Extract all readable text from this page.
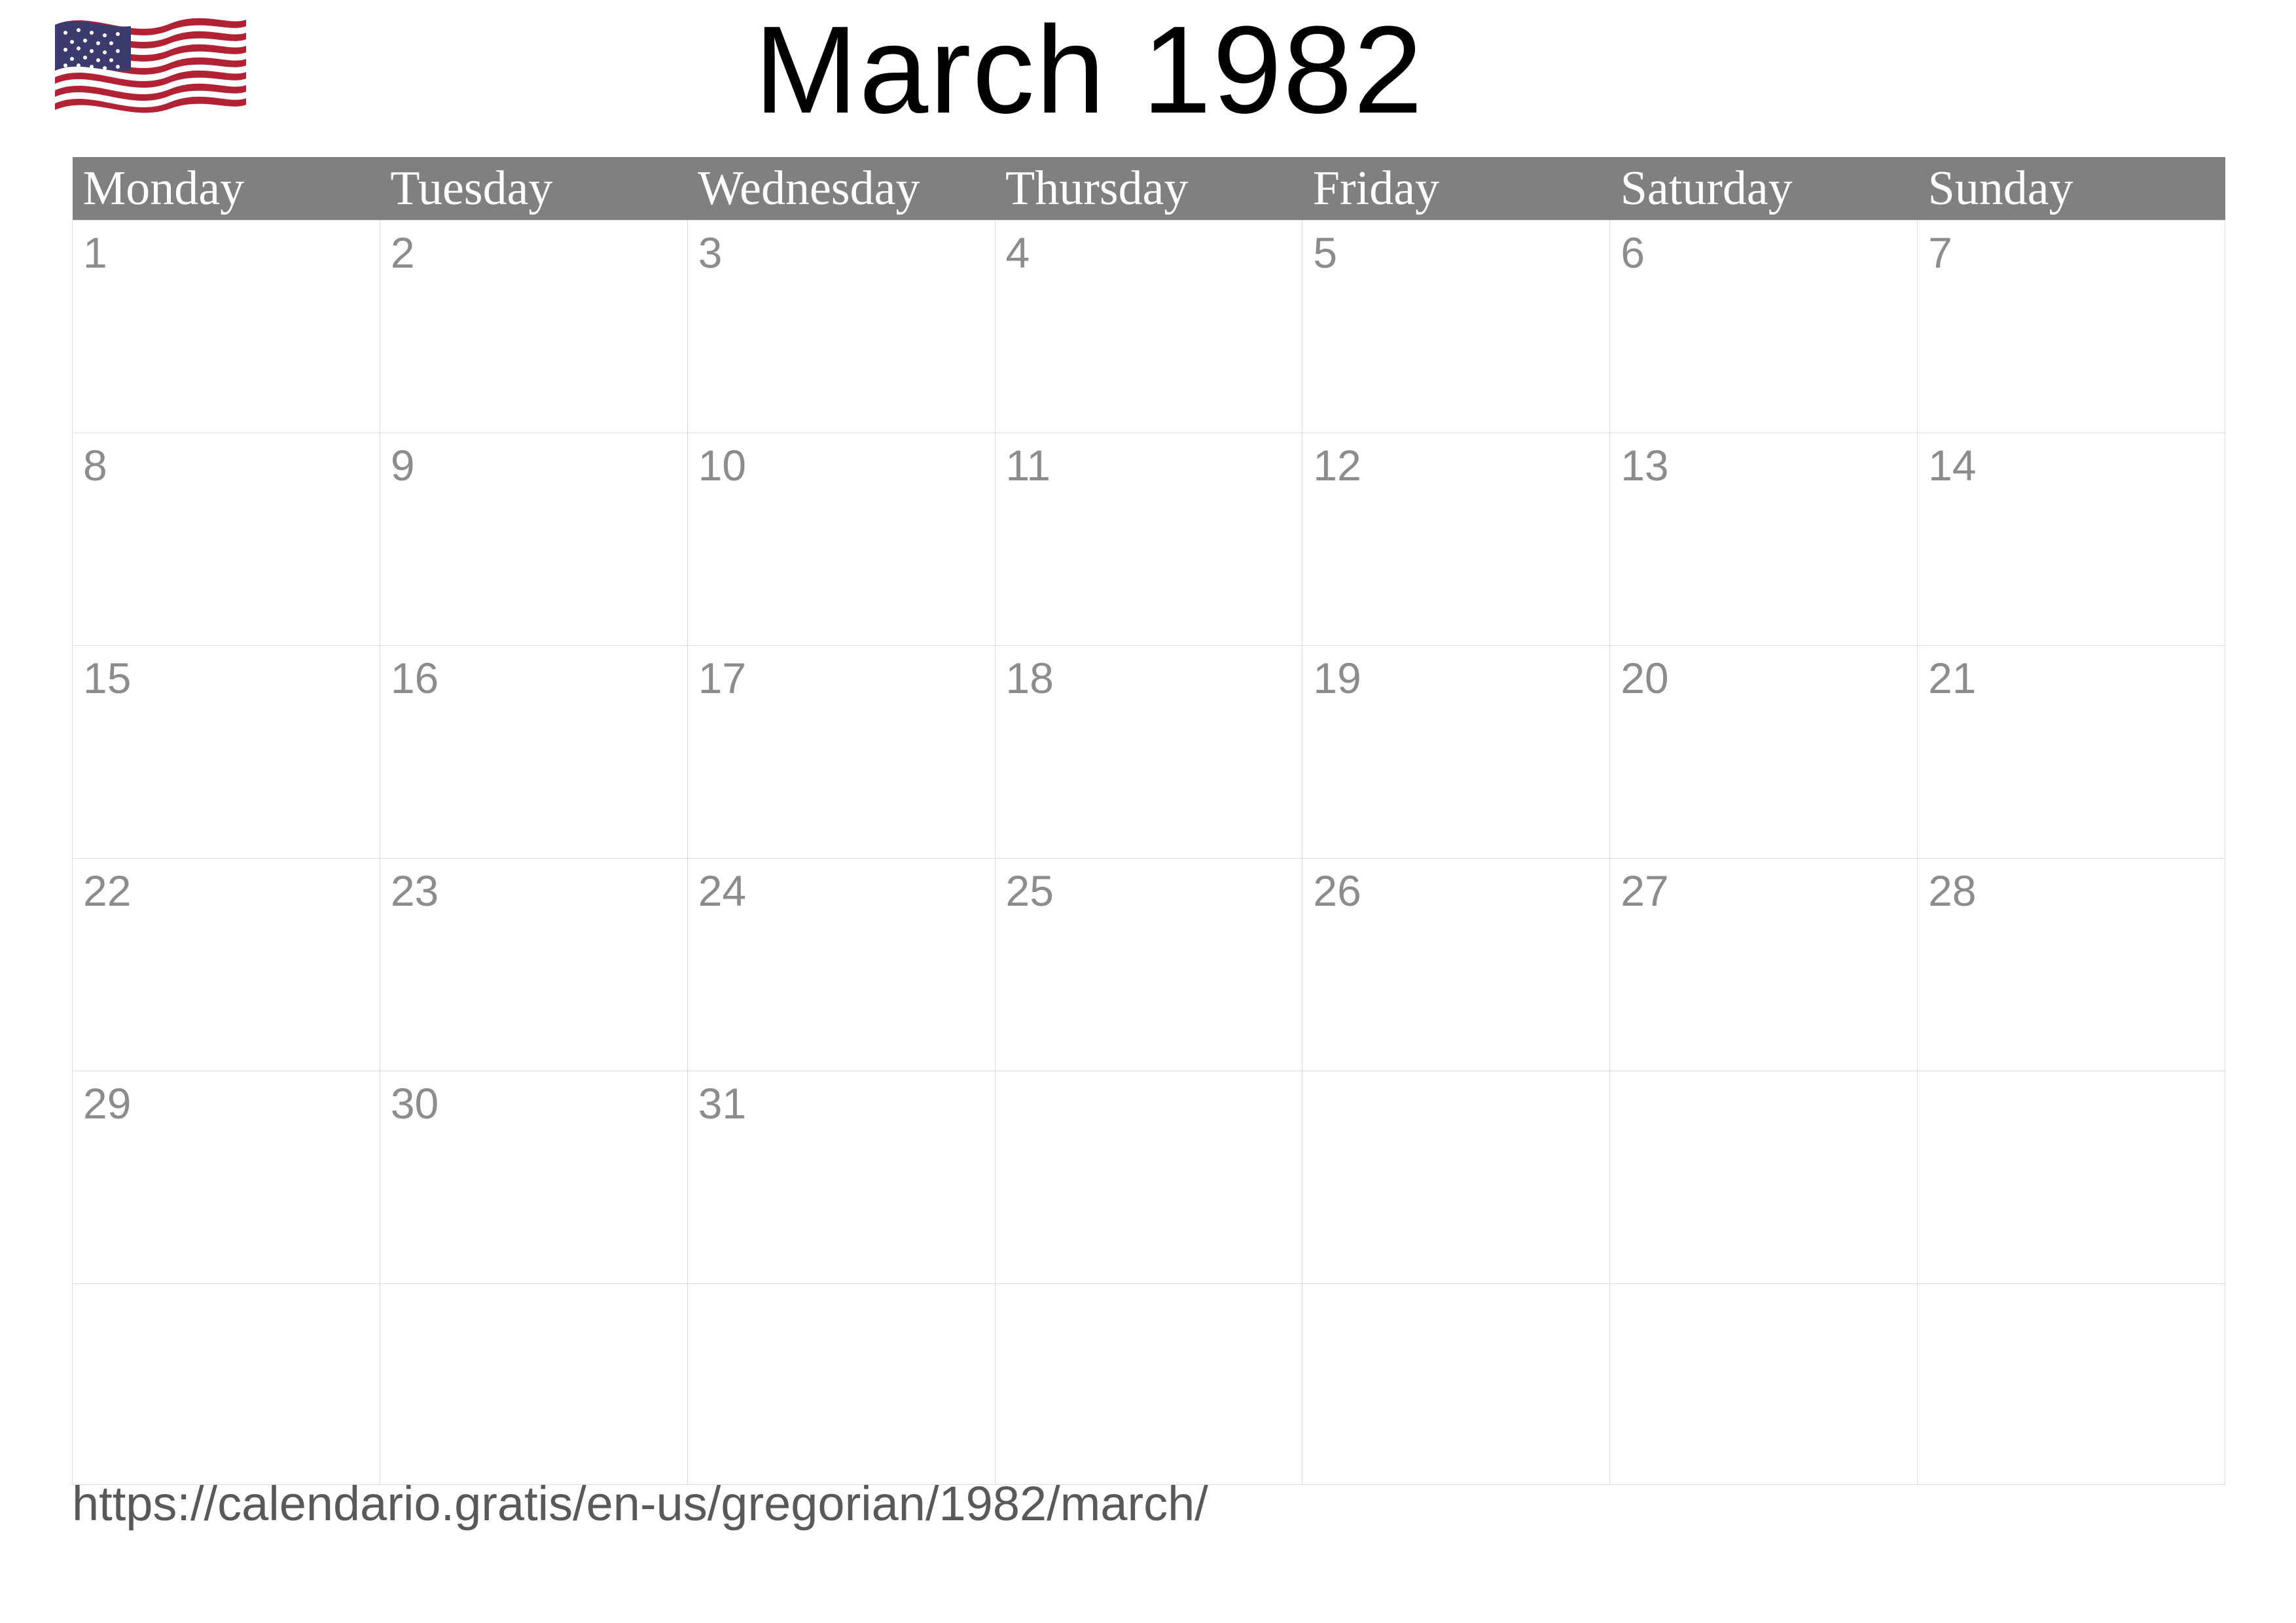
March 1982
Monday	Tuesday	Wednesday	Thursday	Friday	Saturday	Sunday
1	2	3	4	5	6	7
8	9	10	11	12	13	14
15	16	17	18	19	20	21
22	23	24	25	26	27	28
29	30	31				

https://calendario.gratis/en-us/gregorian/1982/march/
